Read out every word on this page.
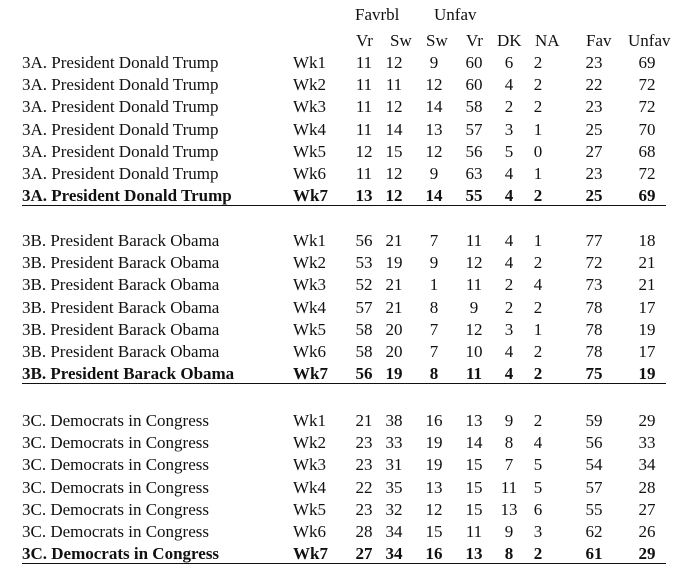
Favrbl Unfav
Vr Sw Sw Vr DK NA Fav Unfav
3A. President Donald Trump	Wk1	11 12	9	60	6	2	23	69
3A. President Donald Trump	Wk2	11 11	12	60	4	2	22	72
3A. President Donald Trump	Wk3	11 12	14	58	2	2	23	72
3A. President Donald Trump	Wk4	11 14	13	57	3	1	25	70
3A. President Donald Trump	Wk5	12 15	12	56	5	0	27	68
3A. President Donald Trump	Wk6	11 12	9	63	4	1	23	72
3A. President Donald Trump	Wk7	13 12	14	55	4	2	25	69
3B. President Barack Obama	Wk1	56 21	7	11	4	1	77	18
3B. President Barack Obama	Wk2	53 19	9	12	4	2	72	21
3B. President Barack Obama	Wk3	52 21	1	11	2	4	73	21
3B. President Barack Obama	Wk4	57 21	8	9	2	2	78	17
3B. President Barack Obama	Wk5	58 20	7	12	3	1	78	19
3B. President Barack Obama	Wk6	58 20	7	10	4	2	78	17
3B. President Barack Obama	Wk7	56 19	8	11	4	2	75	19
3C. Democrats in Congress	Wk1	21 38	16	13	9	2	59	29
3C. Democrats in Congress	Wk2	23 33	19	14	8	4	56	33
3C. Democrats in Congress	Wk3	23 31	19	15	7	5	54	34
3C. Democrats in Congress	Wk4	22 35	13	15	11 5	57	28
3C. Democrats in Congress	Wk5	23 32	12	15	13 6	55	27
3C. Democrats in Congress	Wk6	28 34	15	11	9	3	62	26
3C. Democrats in Congress	Wk7	27 34	16	13	8	2	61	29
